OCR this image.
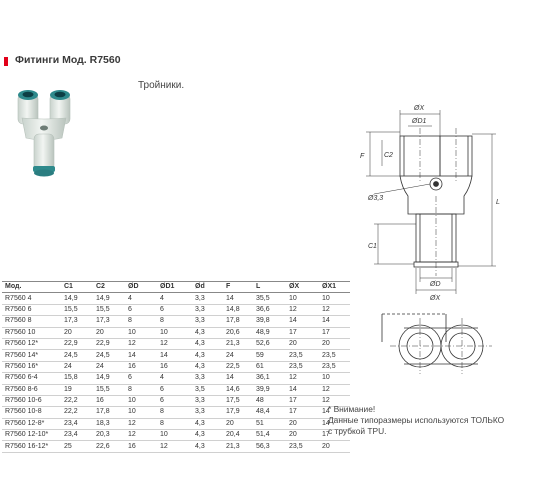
Фитинги Мод. R7560
Тройники.
ØX
ØD1
F	C2
Ø3,3
L
C1
ØD
ØX
Мод.	C1	C2	ØD	ØD1	Ød	F	L	ØX	ØX1
R7560 4	14,9	14,9	4	4	3,3	14	35,5	10	10
R7560 6	15,5	15,5	6	6	3,3	14,8	36,6	12	12
R7560 8	17,3	17,3	8	8	3,3	17,8	39,8	14	14
R7560 10	20	20	10	10	4,3	20,6	48,9	17	17
R7560 12*	22,9	22,9	12	12	4,3	21,3	52,6	20	20
R7560 14*	24,5	24,5	14	14	4,3	24	59	23,5	23,5
R7560 16*	24	24	16	16	4,3	22,5	61	23,5	23,5
R7560 6-4	15,8	14,9	6	4	3,3	14	36,1	12	10
R7560 8-6	19	15,5	8	6	3,5	14,6	39,9	14	12
R7560 10-6	22,2	16	10	6	3,3	17,5	48	17	12
R7560 10-8	22,2	17,8	10	8	3,3	17,9	48,4	17	14
R7560 12-8*	23,4	18,3	12	8	4,3	20	51	20	14
R7560 12-10*	23,4	20,3	12	10	4,3	20,4	51,4	20	17
R7560 16-12*	25	22,6	16	12	4,3	21,3	56,3	23,5	20
* Внимание!
Данные типоразмеры используются ТОЛЬКО
с трубкой TPU.
